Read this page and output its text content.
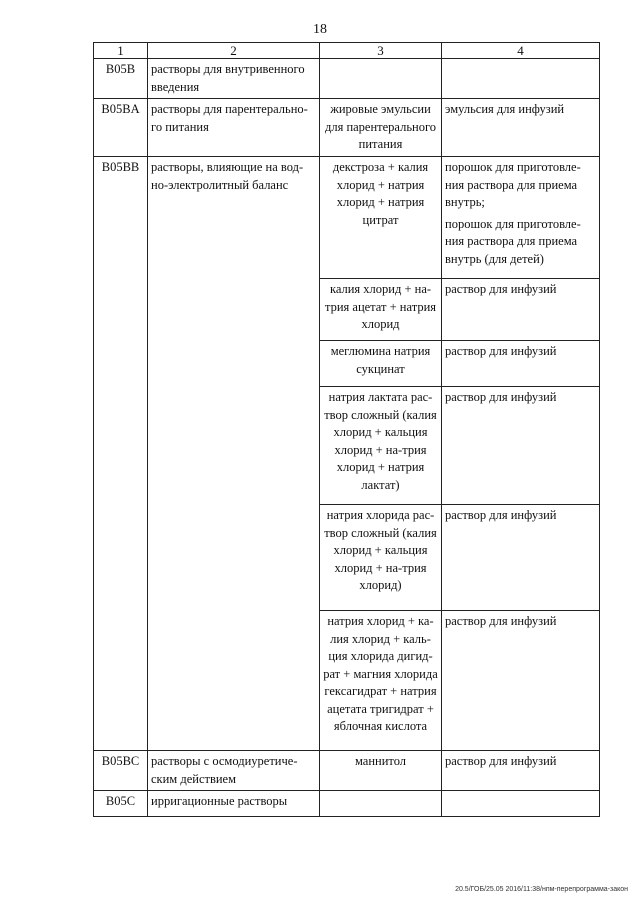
18
1	2	3	4
B05B	растворы для внутривенного введения		
B05BA	растворы для парентерально-го питания	жировые эмульсии для парентерального питания	эмульсия для инфузий

B05BB	растворы, влияющие на вод-но-электролитный баланс	декстроза + калия хлорид + натрия хлорид + натрия цитрат	порошок для приготовле-ния раствора для приема внутрь;
порошок для приготовле-ния раствора для приема внутрь (для детей)

		калия хлорид + на-трия ацетат + натрия хлорид	раствор для инфузий

		меглюмина натрия сукцинат	раствор для инфузий

		натрия лактата рас-твор сложный (калия хлорид + кальция хлорид + на-трия хлорид + натрия лактат)	раствор для инфузий

		натрия хлорида рас-твор сложный (калия хлорид + кальция хлорид + на-трия хлорид)	раствор для инфузий

		натрия хлорид + ка-лия хлорид + каль-ция хлорида дигид-рат + магния хлорида гексагидрат + натрия ацетата тригидрат + яблочная кислота	раствор для инфузий

B05BC	растворы с осмодиуретиче-ским действием	маннитол	раствор для инфузий

B05C	ирригационные растворы		
20.5/ГОБ/25.05 2016/11:38/нпм-перепрограмма-закон
